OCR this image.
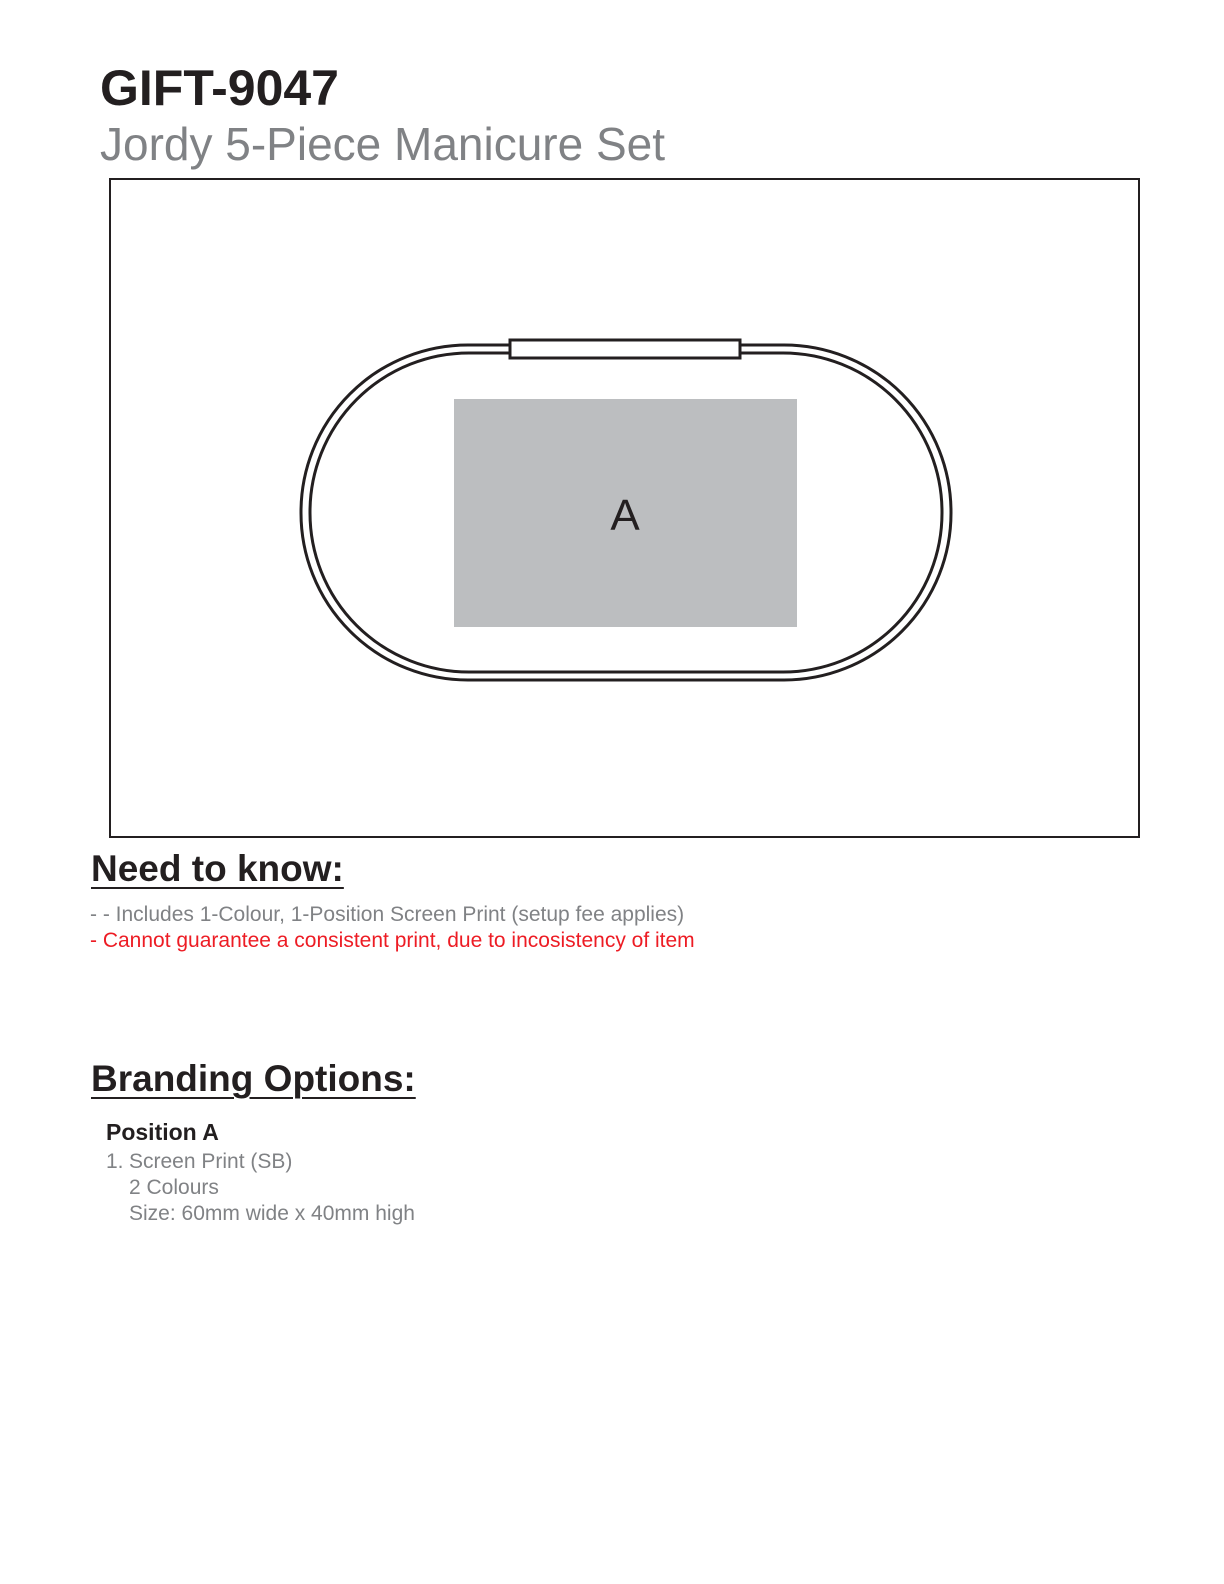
GIFT-9047
Jordy 5-Piece Manicure Set
A
Need to know:
- - Includes 1-Colour, 1-Position Screen Print (setup fee applies)
- Cannot guarantee a consistent print, due to incosistency of item
Branding Options:
Position A
1. Screen Print (SB)
2 Colours
Size: 60mm wide x 40mm high
